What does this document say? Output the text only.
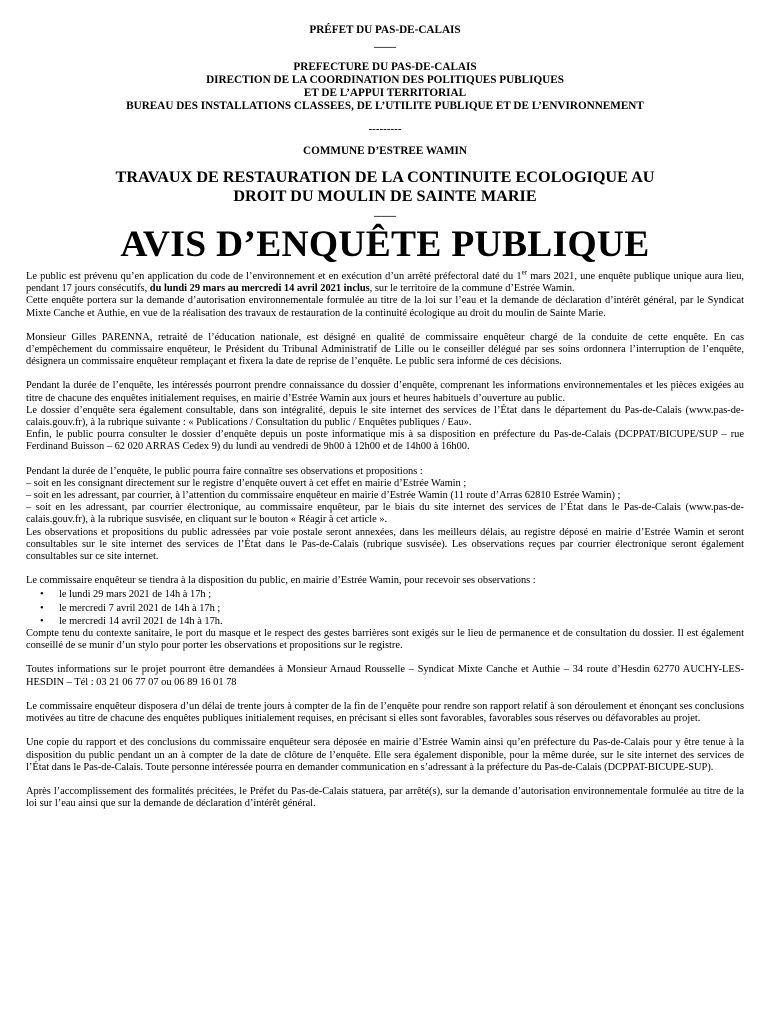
PRÉFET DU PAS-DE-CALAIS
____
PREFECTURE DU PAS-DE-CALAIS
DIRECTION DE LA COORDINATION DES POLITIQUES PUBLIQUES
ET DE L’APPUI TERRITORIAL
BUREAU DES INSTALLATIONS CLASSEES, DE L’UTILITE PUBLIQUE ET DE L’ENVIRONNEMENT
---------
COMMUNE D’ESTREE WAMIN
TRAVAUX DE RESTAURATION DE LA CONTINUITE ECOLOGIQUE AU
DROIT DU MOULIN DE SAINTE MARIE
____
AVIS D’ENQUÊTE PUBLIQUE

Le public est prévenu qu’en application du code de l’environnement et en exécution d’un arrêté préfectoral daté du 1er mars 2021, une enquête publique unique aura lieu, pendant 17 jours consécutifs, du lundi 29 mars au mercredi 14 avril 2021 inclus, sur le territoire de la commune d’Estrée Wamin.

Cette enquête portera sur la demande d’autorisation environnementale formulée au titre de la loi sur l’eau et la demande de déclaration d’intérêt général, par le Syndicat Mixte Canche et Authie, en vue de la réalisation des travaux de restauration de la continuité écologique au droit du moulin de Sainte Marie.

Monsieur Gilles PARENNA, retraité de l’éducation nationale, est désigné en qualité de commissaire enquêteur chargé de la conduite de cette enquête. En cas d’empêchement du commissaire enquêteur, le Président du Tribunal Administratif de Lille ou le conseiller délégué par ses soins ordonnera l’interruption de l’enquête, désignera un commissaire enquêteur remplaçant et fixera la date de reprise de l’enquête. Le public sera informé de ces décisions.

Pendant la durée de l’enquête, les intéressés pourront prendre connaissance du dossier d’enquête, comprenant les informations environnementales et les pièces exigées au titre de chacune des enquêtes initialement requises, en mairie d’Estrée Wamin aux jours et heures habituels d’ouverture au public.

Le dossier d’enquête sera également consultable, dans son intégralité, depuis le site internet des services de l’État dans le département du Pas-de-Calais (www.pas-de-calais.gouv.fr), à la rubrique suivante : « Publications / Consultation du public / Enquêtes publiques / Eau».

Enfin, le public pourra consulter le dossier d’enquête depuis un poste informatique mis à sa disposition en préfecture du Pas-de-Calais (DCPPAT/BICUPE/SUP – rue Ferdinand Buisson – 62 020 ARRAS Cedex 9) du lundi au vendredi de 9h00 à 12h00 et de 14h00 à 16h00.

Pendant la durée de l’enquête, le public pourra faire connaître ses observations et propositions :

– soit en les consignant directement sur le registre d’enquête ouvert à cet effet en mairie d’Estrée Wamin ;

– soit en les adressant, par courrier, à l’attention du commissaire enquêteur en mairie d’Estrée Wamin (11 route d’Arras 62810 Estrée Wamin) ;

– soit en les adressant, par courrier électronique, au commissaire enquêteur, par le biais du site internet des services de l’État dans le Pas-de-Calais (www.pas-de-calais.gouv.fr), à la rubrique susvisée, en cliquant sur le bouton « Réagir à cet article ».

Les observations et propositions du public adressées par voie postale seront annexées, dans les meilleurs délais, au registre déposé en mairie d’Estrée Wamin et seront consultables sur le site internet des services de l’État dans le Pas-de-Calais (rubrique susvisée). Les observations reçues par courrier électronique seront également consultables sur ce site internet.

Le commissaire enquêteur se tiendra à la disposition du public, en mairie d’Estrée Wamin, pour recevoir ses observations :

• le lundi 29 mars 2021 de 14h à 17h ;
• le mercredi 7 avril 2021 de 14h à 17h ;
• le mercredi 14 avril 2021 de 14h à 17h.

Compte tenu du contexte sanitaire, le port du masque et le respect des gestes barrières sont exigés sur le lieu de permanence et de consultation du dossier. Il est également conseillé de se munir d’un stylo pour porter les observations et propositions sur le registre.

Toutes informations sur le projet pourront être demandées à Monsieur Arnaud Rousselle – Syndicat Mixte Canche et Authie – 34 route d’Hesdin 62770 AUCHY-LES-HESDIN – Tél : 03 21 06 77 07 ou 06 89 16 01 78

Le commissaire enquêteur disposera d’un délai de trente jours à compter de la fin de l’enquête pour rendre son rapport relatif à son déroulement et énonçant ses conclusions motivées au titre de chacune des enquêtes publiques initialement requises, en précisant si elles sont favorables, favorables sous réserves ou défavorables au projet.

Une copie du rapport et des conclusions du commissaire enquêteur sera déposée en mairie d’Estrée Wamin ainsi qu’en préfecture du Pas-de-Calais pour y être tenue à la disposition du public pendant un an à compter de la date de clôture de l’enquête. Elle sera également disponible, pour la même durée, sur le site internet des services de l’État dans le Pas-de-Calais. Toute personne intéressée pourra en demander communication en s’adressant à la préfecture du Pas-de-Calais (DCPPAT-BICUPE-SUP).

Après l’accomplissement des formalités précitées, le Préfet du Pas-de-Calais statuera, par arrêté(s), sur la demande d’autorisation environnementale formulée au titre de la loi sur l’eau ainsi que sur la demande de déclaration d’intérêt général.
